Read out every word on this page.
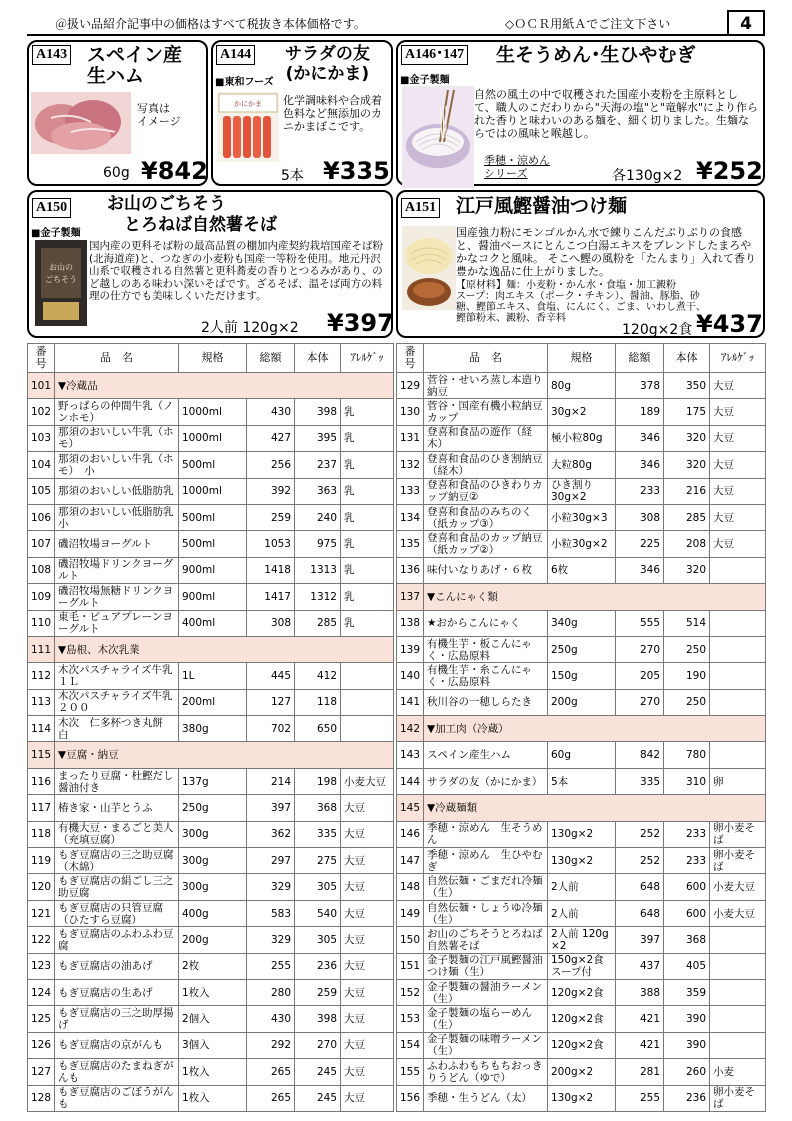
＠扱い品紹介記事中の価格はすべて税抜き本体価格です。	◇ＯＣＲ用紙Ａでご注文下さい	4
A143 スペイン産
生ハム
写真は
イメージ
60g ¥842
A144 サラダの友
(かにかま)
■東和フーズ
かにかま 化学調味料や合成着色料など無添加のカニかまぼこです。
5本 ¥335
A146･147 生そうめん･生ひやむぎ
■金子製麺
自然の風土の中で収穫された国産小麦粉を主原料として、職人のこだわりから"天海の塩"と"竜解水"により作られた香りと味わいのある麺を、細く切りました。生麺ならではの風味と喉越し。
季穂・涼めん
シリーズ	各130g×2 ¥252
A150 お山のごちそう
　とろねば自然薯そば
■金子製麺
お山の
ごちそう
国内産の更科そば粉の最高品質の棚加内産契約栽培国産そば粉(北海道産)と、つなぎの小麦粉も国産一等粉を使用。地元丹沢山系で収穫される自然薯と更科蕎麦の香りとつるみがあり、のど越しのある味わい深いそばです。ざるそば、温そば両方の料理の仕方でも美味しくいただけます。
2人前 120g×2 ¥397
A151 江戸風鰹醤油つけ麺
国産強力粉にモンゴルかん水で練りこんだぷりぷりの食感と、醤油ベースにとんこつ白湯エキスをブレンドしたまろやかなコクと風味。 そこへ鰹の風粉を「たんまり」入れて香り豊かな逸品に仕上がりました。
【原材料】麺：小麦粉・かん水・食塩・加工澱粉
スープ：肉エキス（ポーク・チキン）、醤油、豚脂、砂糖、鰹節エキス、食塩、にんにく、ごま、いわし煮干、鰹節粉末、澱粉、香辛料
120g×2食 ¥437
番号	品　名	規格	総額	本体	ｱﾚﾙｹﾞｯ
101	▼冷蔵品				
102	野っぱらの仲間牛乳（ノンホモ）	1000ml	430	398	乳
103	那須のおいしい牛乳（ホモ）	1000ml	427	395	乳
104	那須のおいしい牛乳（ホモ）　小	500ml	256	237	乳
105	那須のおいしい低脂肪乳	1000ml	392	363	乳
106	那須のおいしい低脂肪乳　小	500ml	259	240	乳
107	磯沼牧場ヨーグルト	500ml	1053	975	乳
108	磯沼牧場ドリンクヨーグルト	900ml	1418	1313	乳
109	磯沼牧場無糖ドリンクヨーグルト	900ml	1417	1312	乳
110	東毛・ピュアプレーンヨーグルト	400ml	308	285	乳
111	▼島根、木次乳業				
112	木次パスチャライズ牛乳１Ｌ	1L	445	412	
113	木次パスチャライズ牛乳２００	200ml	127	118	
114	木次　仁多杯つき丸餅　白	380g	702	650	
115	▼豆腐・納豆				
116	まったり豆腐・杜鰹だし醤油付き	137g	214	198	小麦大豆
117	椿き家・山芋とうふ	250g	397	368	大豆
118	有機大豆・まるごと美人（充填豆腐）	300g	362	335	大豆
119	もぎ豆腐店の三之助豆腐（木綿）	300g	297	275	大豆
120	もぎ豆腐店の絹ごし三之助豆腐	300g	329	305	大豆
121	もぎ豆腐店の只管豆腐（ひたすら豆腐）	400g	583	540	大豆
122	もぎ豆腐店のふわふわ豆腐	200g	329	305	大豆
123	もぎ豆腐店の油あげ	2枚	255	236	大豆
124	もぎ豆腐店の生あげ	1枚入	280	259	大豆
125	もぎ豆腐店の三之助厚揚げ	2個入	430	398	大豆
126	もぎ豆腐店の京がんも	3個入	292	270	大豆
127	もぎ豆腐店のたまねぎがんも	1枚入	265	245	大豆
128	もぎ豆腐店のごぼうがんも	1枚入	265	245	大豆
番号	品　名	規格	総額	本体	ｱﾚﾙｹﾞｯ
129	菅谷・せいろ蒸し本造り納豆	80g	378	350	大豆
130	菅谷・国産有機小粒納豆カップ	30g×2	189	175	大豆
131	登喜和食品の遊作（経木）	極小粒80g	346	320	大豆
132	登喜和食品のひき割納豆（経木）	大粒80g	346	320	大豆
133	登喜和食品のひきわりカップ納豆②	ひき割り30g×2	233	216	大豆
134	登喜和食品のみちのく（紙カップ③）	小粒30g×3	308	285	大豆
135	登喜和食品のカップ納豆（紙カップ②）	小粒30g×2	225	208	大豆
136	味付いなりあげ・６枚	6枚	346	320	
137	▼こんにゃく類				
138	★おからこんにゃく	340g	555	514	
139	有機生芋・板こんにゃく・広島原料	250g	270	250	
140	有機生芋・糸こんにゃく・広島原料	150g	205	190	
141	秋川谷の一穂しらたき	200g	270	250	
142	▼加工肉（冷蔵）				
143	スペイン産生ハム	60g	842	780	
144	サラダの友（かにかま）	5本	335	310	卵
145	▼冷蔵麺類				
146	季穂・涼めん　生そうめん	130g×2	252	233	卵小麦そば
147	季穂・涼めん　生ひやむぎ	130g×2	252	233	卵小麦そば
148	自然伝麺・ごまだれ冷麺（生）	2人前	648	600	小麦大豆
149	自然伝麺・しょうゆ冷麺（生）	2人前	648	600	小麦大豆
150	お山のごちそうとろねば自然薯そば	2人前 120g ×2	397	368	
151	金子製麺の江戸風鰹醤油つけ麺（生）	150g×2食スープ付	437	405	
152	金子製麺の醤油ラーメン（生）	120g×2食	388	359	
153	金子製麺の塩らーめん（生）	120g×2食	421	390	
154	金子製麺の味噌ラーメン（生）	120g×2食	421	390	
155	ふわふわもちもちおっきりうどん（ゆで）	200g×2	281	260	小麦
156	季穂・生うどん（太）	130g×2	255	236	卵小麦そば
